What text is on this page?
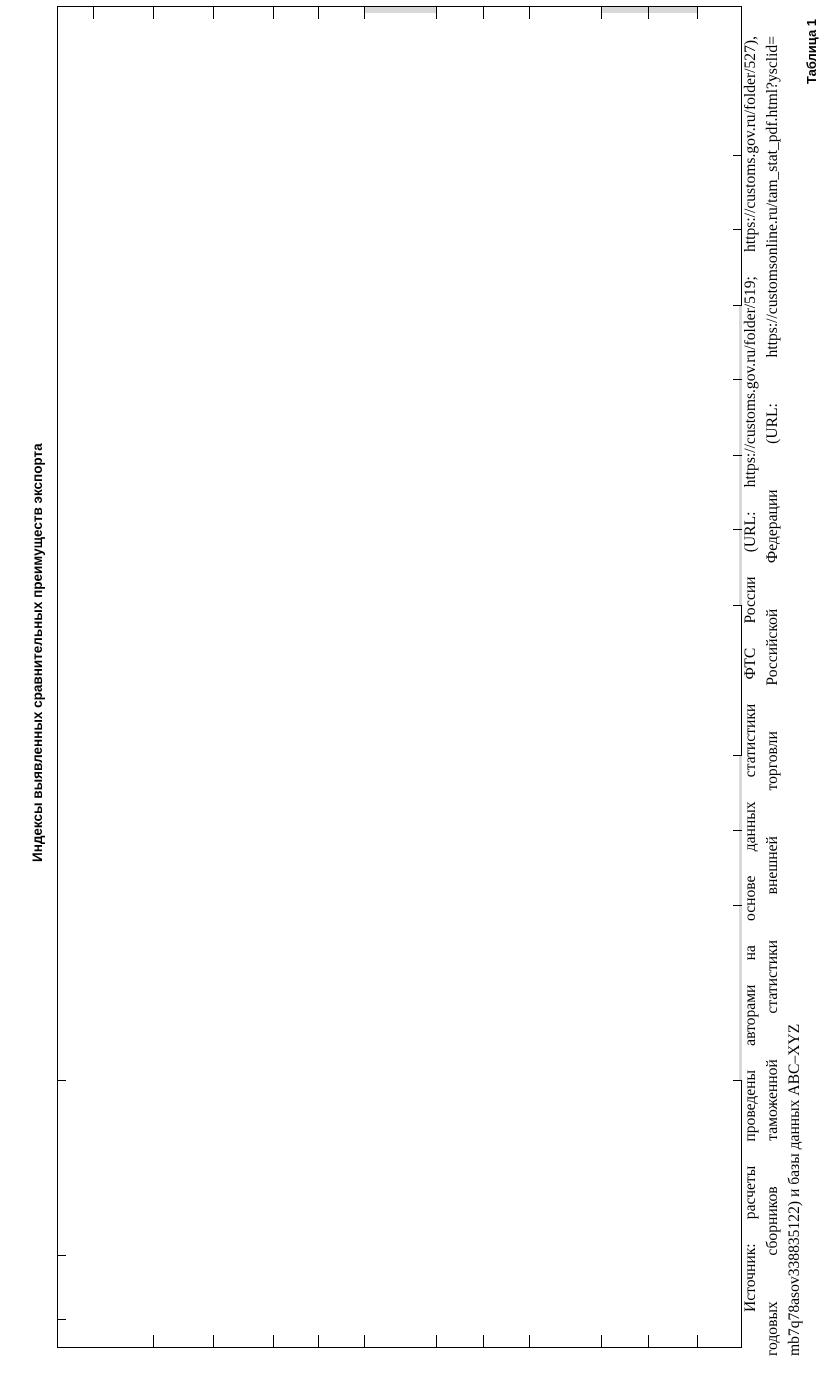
Таблица 1
Индексы выявленных сравнительных преимуществ экспорта	Источник: расчеты проведены авторами на основе данных статистики ФТС России (URL: https://customs.gov.ru/folder/519; https://customs.gov.ru/folder/527), годовых сборников таможенной статистики внешней торговли Российской Федерации (URL: https://customsonline.ru/tam_stat_pdf.html?ysclid= mb7q78asov338835122) и базы данных ABC–XYZ
